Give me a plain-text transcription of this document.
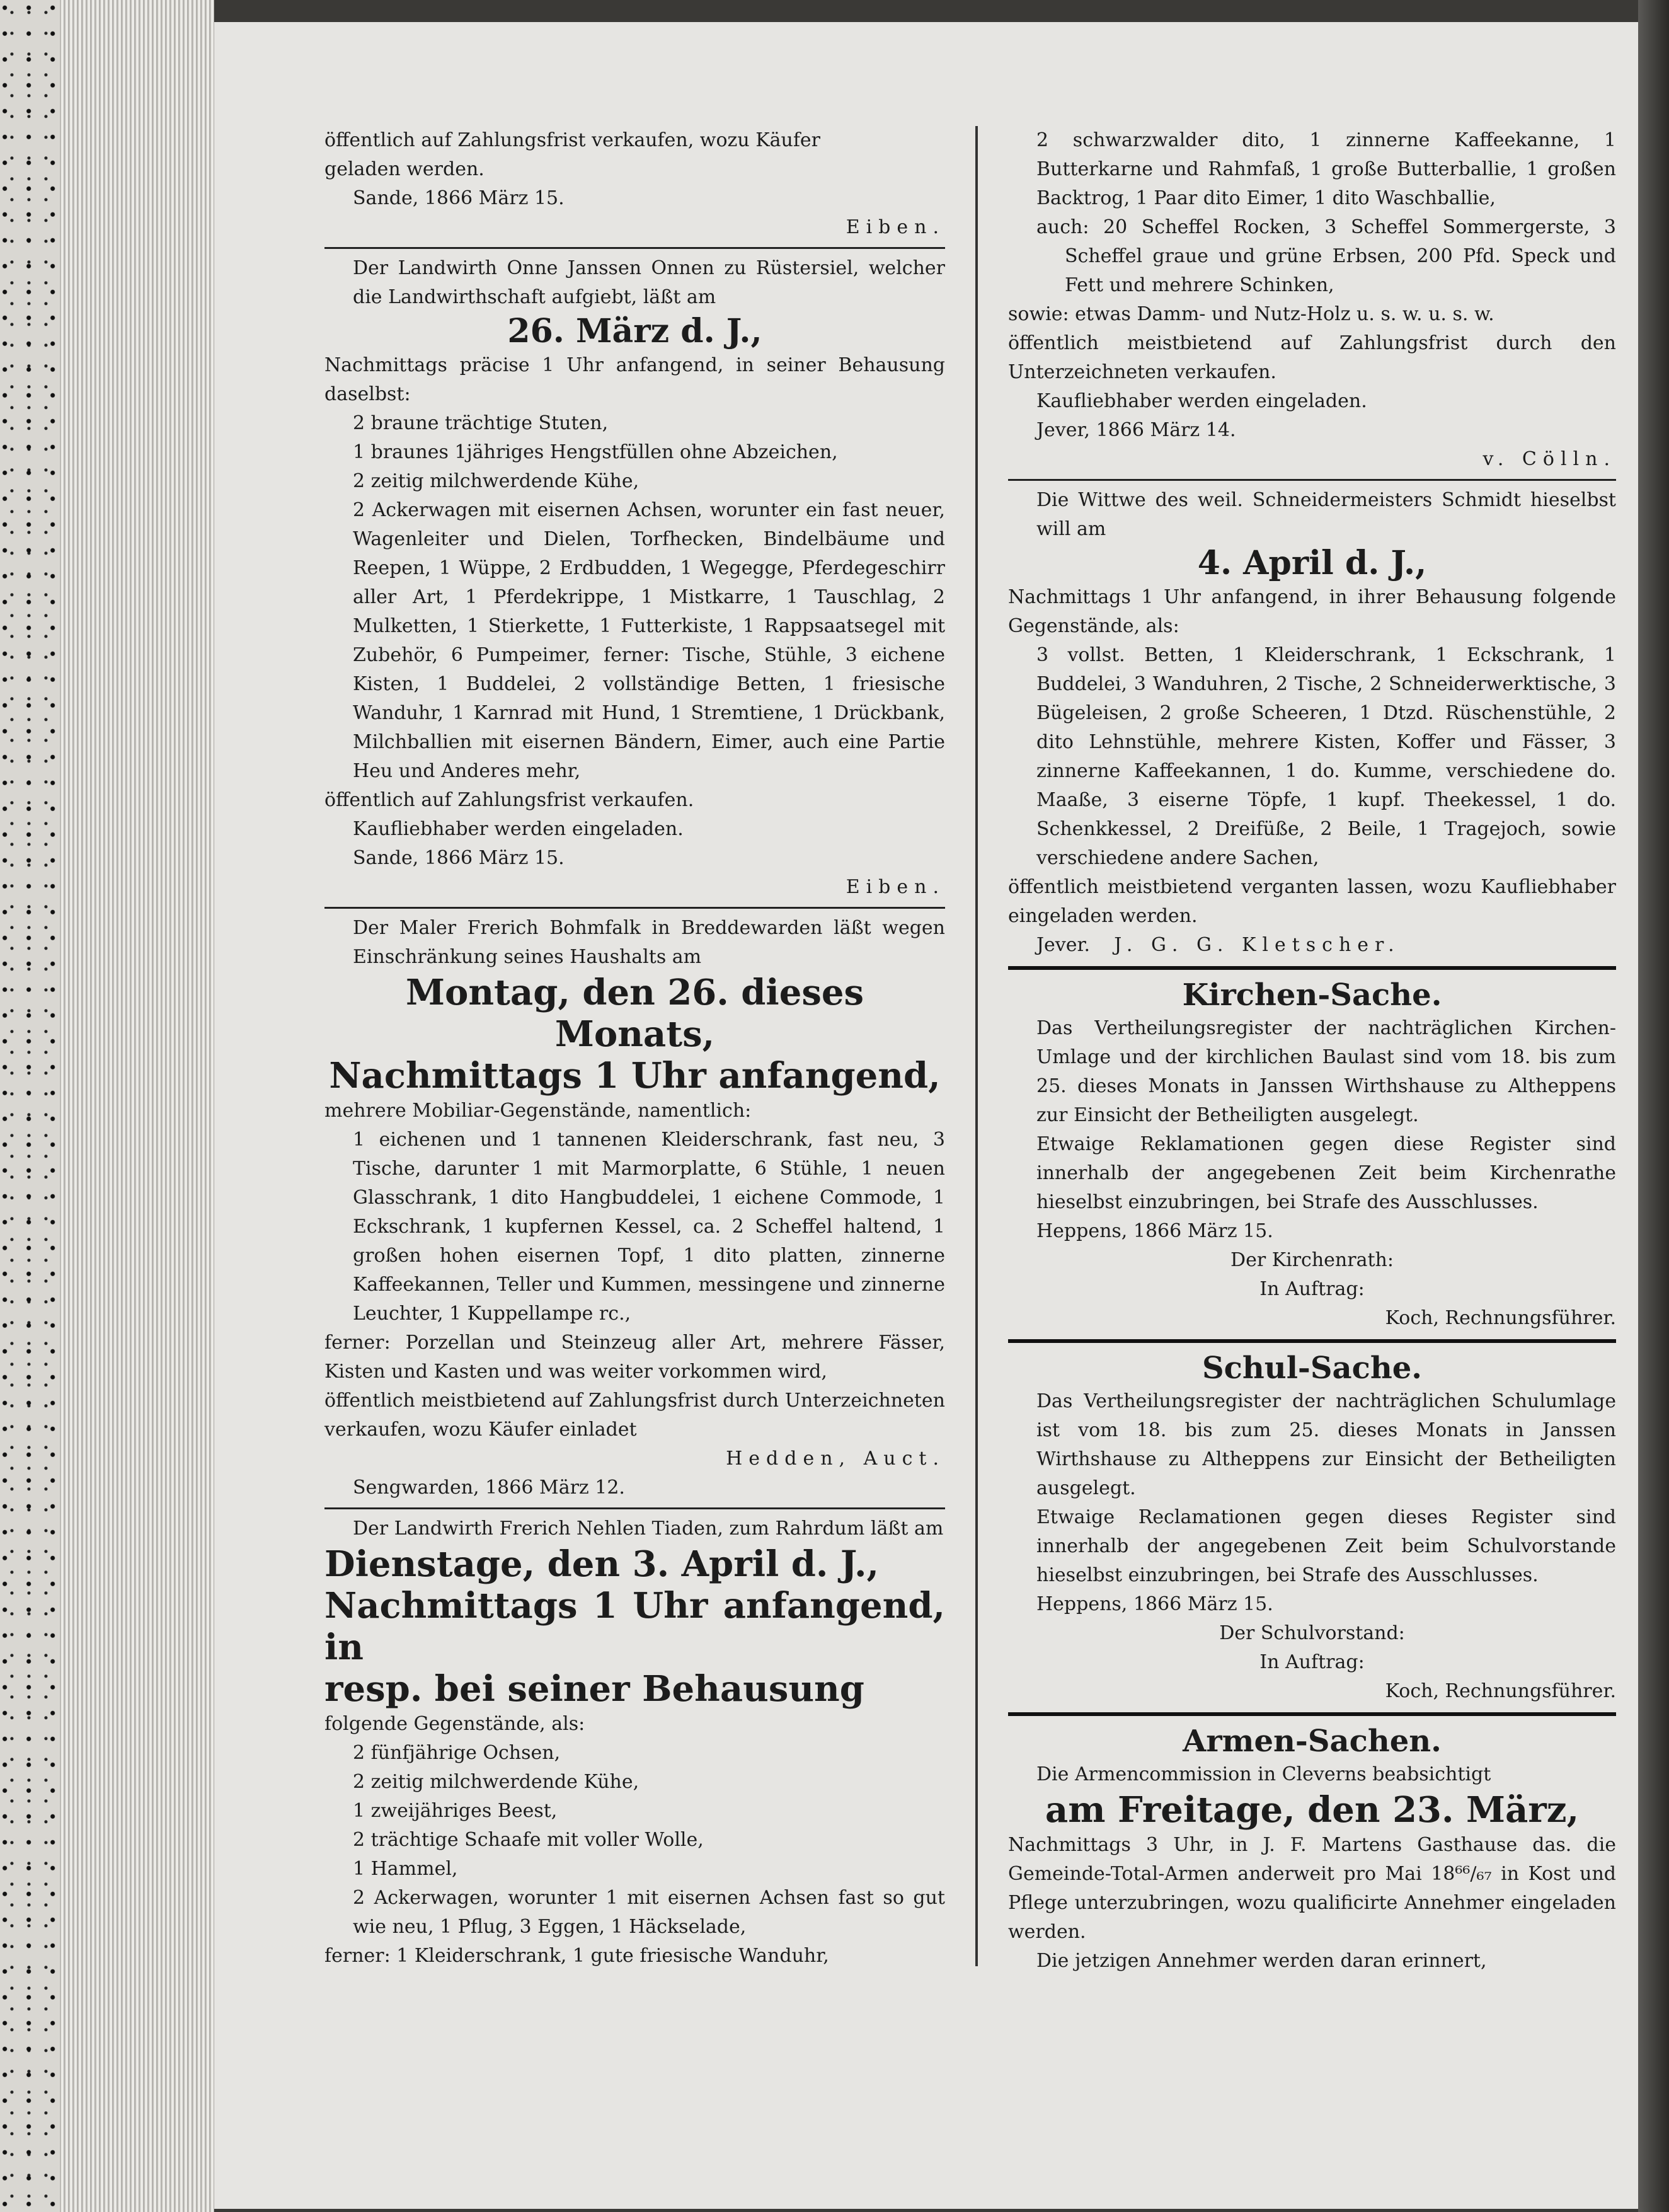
öffentlich auf Zahlungsfrist verkaufen, wozu Käufer

geladen werden.

Sande, 1866 März 15.

Eiben.

Der Landwirth Onne Janssen Onnen zu Rüstersiel, welcher die Landwirthschaft aufgiebt, läßt am

26. März d. J.,

Nachmittags präcise 1 Uhr anfangend, in seiner Behausung daselbst:

2 braune trächtige Stuten,

1 braunes 1jähriges Hengstfüllen ohne Abzeichen,

2 zeitig milchwerdende Kühe,

2 Ackerwagen mit eisernen Achsen, worunter ein fast neuer, Wagenleiter und Dielen, Torfhecken, Bindelbäume und Reepen, 1 Wüppe, 2 Erdbudden, 1 Wegegge, Pferdegeschirr aller Art, 1 Pferdekrippe, 1 Mistkarre, 1 Tauschlag, 2 Mulketten, 1 Stierkette, 1 Futterkiste, 1 Rappsaatsegel mit Zubehör, 6 Pumpeimer, ferner: Tische, Stühle, 3 eichene Kisten, 1 Buddelei, 2 vollständige Betten, 1 friesische Wanduhr, 1 Karnrad mit Hund, 1 Stremtiene, 1 Drückbank, Milchballien mit eisernen Bändern, Eimer, auch eine Partie Heu und Anderes mehr,

öffentlich auf Zahlungsfrist verkaufen.

Kaufliebhaber werden eingeladen.

Sande, 1866 März 15.

Eiben.

Der Maler Frerich Bohmfalk in Breddewarden läßt wegen Einschränkung seines Haushalts am

Montag, den 26. dieses Monats,

Nachmittags 1 Uhr anfangend,

mehrere Mobiliar-Gegenstände, namentlich:

1 eichenen und 1 tannenen Kleiderschrank, fast neu, 3 Tische, darunter 1 mit Marmorplatte, 6 Stühle, 1 neuen Glasschrank, 1 dito Hangbuddelei, 1 eichene Commode, 1 Eckschrank, 1 kupfernen Kessel, ca. 2 Scheffel haltend, 1 großen hohen eisernen Topf, 1 dito platten, zinnerne Kaffeekannen, Teller und Kummen, messingene und zinnerne Leuchter, 1 Kuppellampe rc.,

ferner: Porzellan und Steinzeug aller Art, mehrere Fässer, Kisten und Kasten und was weiter vorkommen wird,

öffentlich meistbietend auf Zahlungsfrist durch Unterzeichneten verkaufen, wozu Käufer einladet

Hedden, Auct.

Sengwarden, 1866 März 12.

Der Landwirth Frerich Nehlen Tiaden, zum Rahrdum läßt am

Dienstage, den 3. April d. J.,

Nachmittags 1 Uhr anfangend, in

resp. bei seiner Behausung

folgende Gegenstände, als:

2 fünfjährige Ochsen,

2 zeitig milchwerdende Kühe,

1 zweijähriges Beest,

2 trächtige Schaafe mit voller Wolle,

1 Hammel,

2 Ackerwagen, worunter 1 mit eisernen Achsen fast so gut wie neu, 1 Pflug, 3 Eggen, 1 Häckselade,

ferner: 1 Kleiderschrank, 1 gute friesische Wanduhr,

2 schwarzwalder dito, 1 zinnerne Kaffeekanne, 1 Butterkarne und Rahmfaß, 1 große Butterballie, 1 großen Backtrog, 1 Paar dito Eimer, 1 dito Waschballie,

auch: 20 Scheffel Rocken, 3 Scheffel Sommergerste, 3 Scheffel graue und grüne Erbsen, 200 Pfd. Speck und Fett und mehrere Schinken,

sowie: etwas Damm- und Nutz-Holz u. s. w. u. s. w.

öffentlich meistbietend auf Zahlungsfrist durch den Unterzeichneten verkaufen.

Kaufliebhaber werden eingeladen.

Jever, 1866 März 14.

v. Cölln.

Die Wittwe des weil. Schneidermeisters Schmidt hieselbst will am

4. April d. J.,

Nachmittags 1 Uhr anfangend, in ihrer Behausung folgende Gegenstände, als:

3 vollst. Betten, 1 Kleiderschrank, 1 Eckschrank, 1 Buddelei, 3 Wanduhren, 2 Tische, 2 Schneiderwerktische, 3 Bügeleisen, 2 große Scheeren, 1 Dtzd. Rüschenstühle, 2 dito Lehnstühle, mehrere Kisten, Koffer und Fässer, 3 zinnerne Kaffeekannen, 1 do. Kumme, verschiedene do. Maaße, 3 eiserne Töpfe, 1 kupf. Theekessel, 1 do. Schenkkessel, 2 Dreifüße, 2 Beile, 1 Tragejoch, sowie verschiedene andere Sachen,

öffentlich meistbietend verganten lassen, wozu Kaufliebhaber eingeladen werden.

Jever. J. G. G. Kletscher.

Kirchen-Sache.

Das Vertheilungsregister der nachträglichen Kirchen-Umlage und der kirchlichen Baulast sind vom 18. bis zum 25. dieses Monats in Janssen Wirthshause zu Altheppens zur Einsicht der Betheiligten ausgelegt.

Etwaige Reklamationen gegen diese Register sind innerhalb der angegebenen Zeit beim Kirchenrathe hieselbst einzubringen, bei Strafe des Ausschlusses.

Heppens, 1866 März 15.

Der Kirchenrath:

In Auftrag:

Koch, Rechnungsführer.

Schul-Sache.

Das Vertheilungsregister der nachträglichen Schulumlage ist vom 18. bis zum 25. dieses Monats in Janssen Wirthshause zu Altheppens zur Einsicht der Betheiligten ausgelegt.

Etwaige Reclamationen gegen dieses Register sind innerhalb der angegebenen Zeit beim Schulvorstande hieselbst einzubringen, bei Strafe des Ausschlusses.

Heppens, 1866 März 15.

Der Schulvorstand:

In Auftrag:

Koch, Rechnungsführer.

Armen-Sachen.

Die Armencommission in Cleverns beabsichtigt

am Freitage, den 23. März,

Nachmittags 3 Uhr, in J. F. Martens Gasthause das. die Gemeinde-Total-Armen anderweit pro Mai 18⁶⁶/₆₇ in Kost und Pflege unterzubringen, wozu qualificirte Annehmer eingeladen werden.

Die jetzigen Annehmer werden daran erinnert,
